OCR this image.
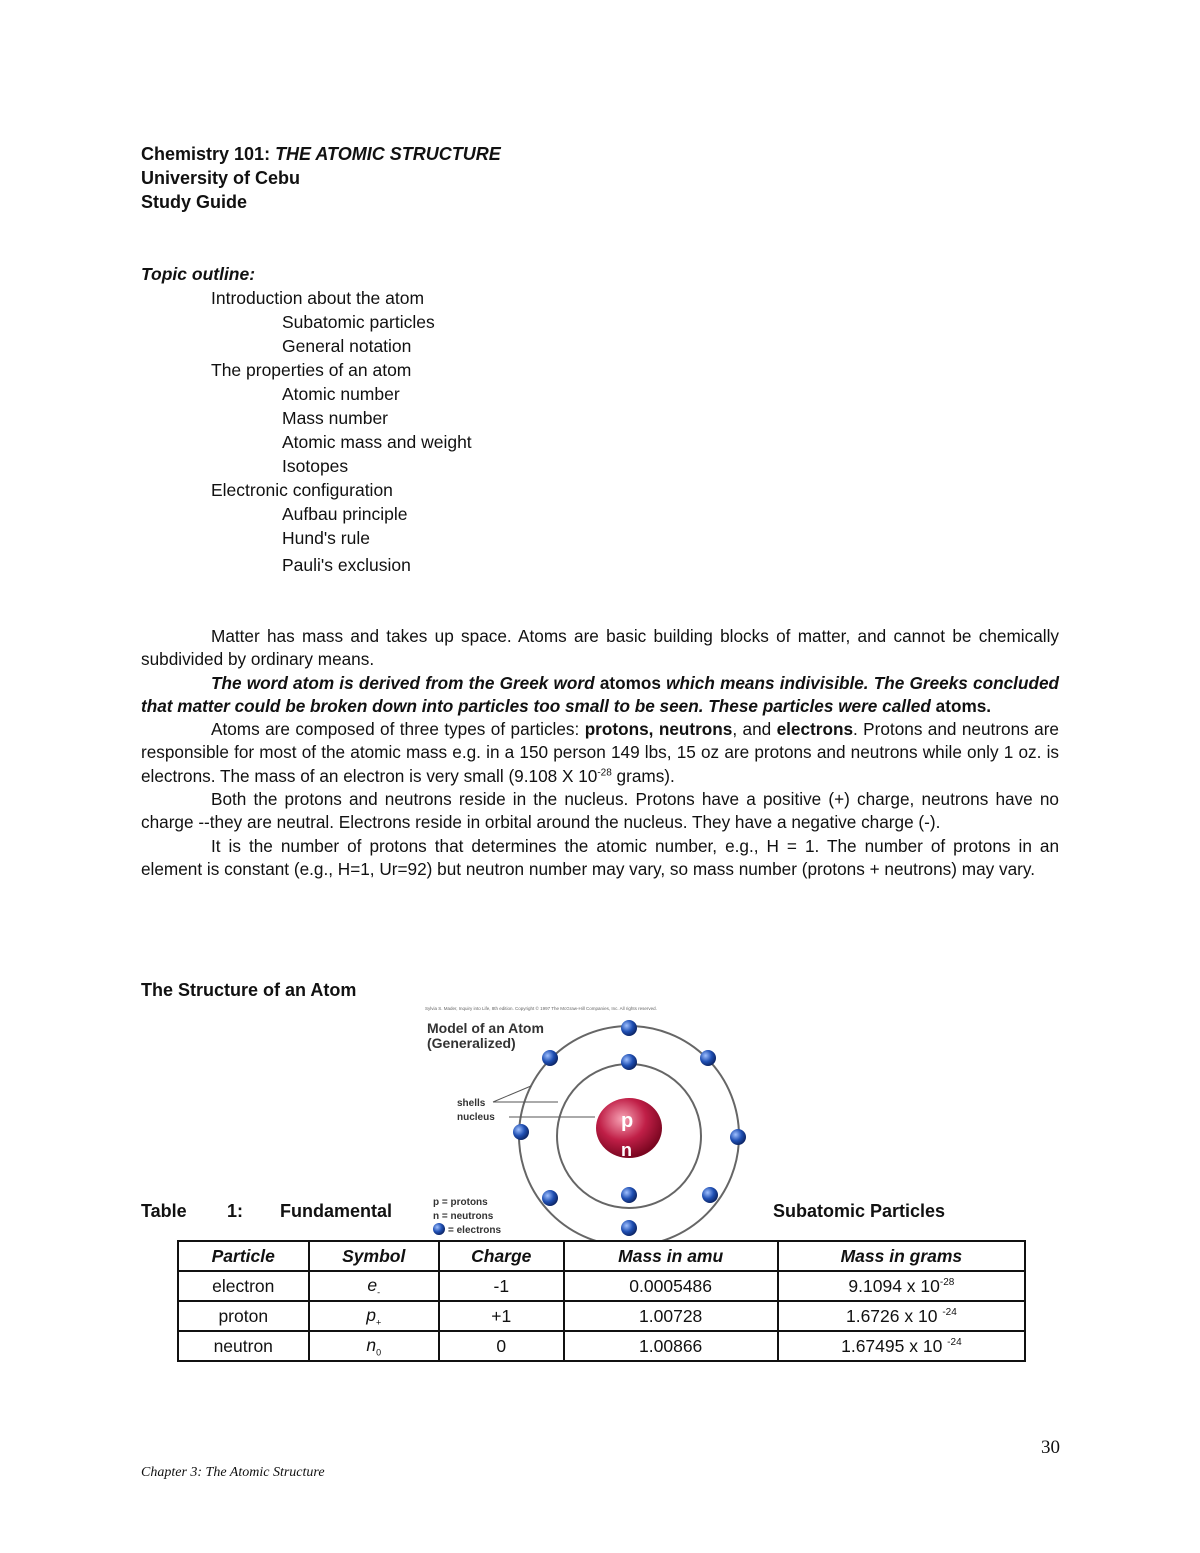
Chemistry 101: THE ATOMIC STRUCTURE
University of Cebu
Study Guide
Topic outline:
Introduction about the atom
Subatomic particles
General notation
The properties of an atom
Atomic number
Mass number
Atomic mass and weight
Isotopes
Electronic configuration
Aufbau principle
Hund's rule
Pauli's exclusion

Matter has mass and takes up space. Atoms are basic building blocks of matter, and cannot be chemically subdivided by ordinary means.

The word atom is derived from the Greek word atomos which means indivisible. The Greeks concluded that matter could be broken down into particles too small to be seen. These particles were called atoms.

Atoms are composed of three types of particles: protons, neutrons, and electrons. Protons and neutrons are responsible for most of the atomic mass e.g. in a 150 person 149 lbs, 15 oz are protons and neutrons while only 1 oz. is electrons. The mass of an electron is very small (9.108 X $10^{-28}$ grams).

Both the protons and neutrons reside in the nucleus. Protons have a positive (+) charge, neutrons have no charge --they are neutral. Electrons reside in orbital around the nucleus. They have a negative charge (-).

It is the number of protons that determines the atomic number, e.g., H = 1. The number of protons in an element is constant (e.g., H=1, Ur=92) but neutron number may vary, so mass number (protons + neutrons) may vary.

The Structure of an Atom
Sylvia S. Mader, Inquiry into Life, 8th edition. Copyright © 1997 The McGraw-Hill Companies, Inc. All rights reserved.
Model of an Atom
(Generalized)
shells
nucleus	p
n
p = protons
n = neutrons
= electrons
Table 1: Fundamental	Subatomic Particles
Particle	Symbol	Charge	Mass in amu	Mass in grams
electron	$e_-$	-1	0.0005486	9.1094 x $10^{-28}$
proton	$p_+$	+1	1.00728	1.6726 x 10 $^{-24}$
neutron	$n_0$	0	1.00866	1.67495 x 10 $^{-24}$
30
Chapter 3: The Atomic Structure
